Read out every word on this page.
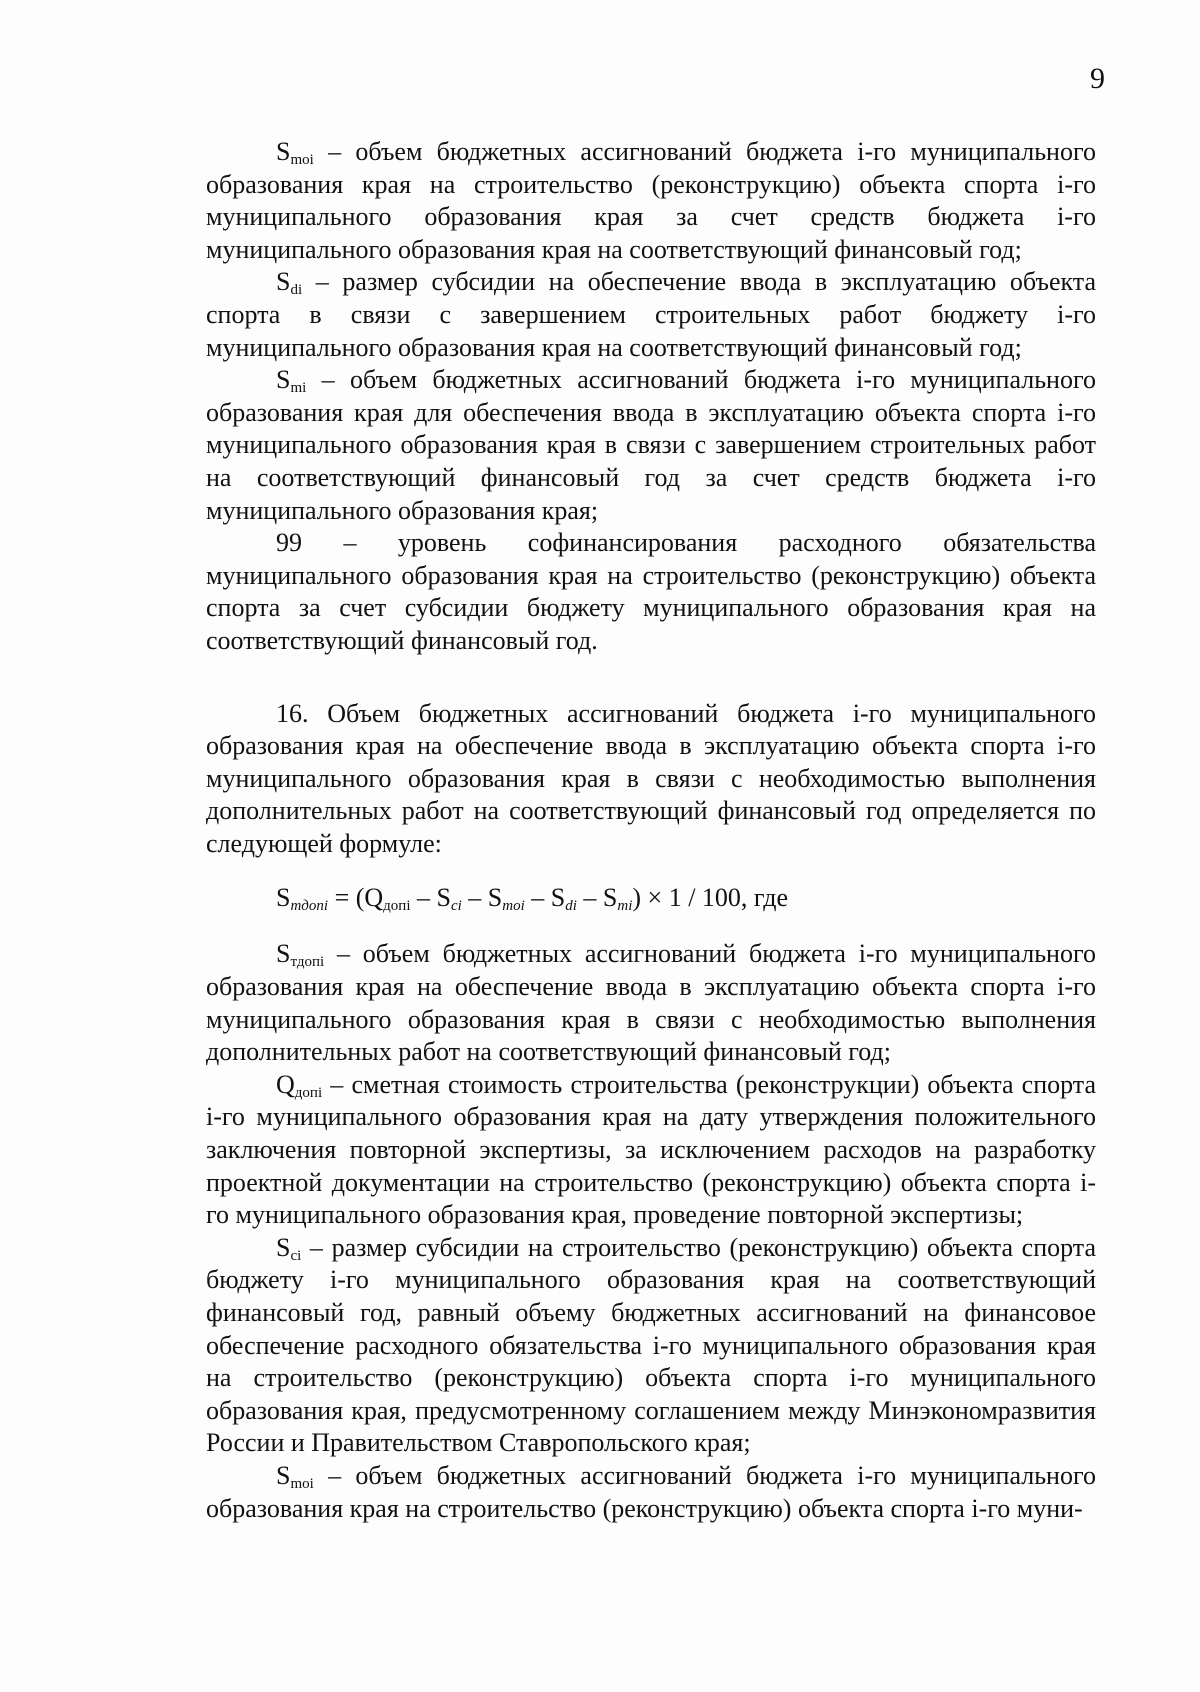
9

$S_{moi}$ – объем бюджетных ассигнований бюджета i-го муниципального образования края на строительство (реконструкцию) объекта спорта i-го муниципального образования края за счет средств бюджета i-го муниципального образования края на соответствующий финансовый год;

$S_{di}$ – размер субсидии на обеспечение ввода в эксплуатацию объекта спорта в связи с завершением строительных работ бюджету i-го муниципального образования края на соответствующий финансовый год;

$S_{mi}$ – объем бюджетных ассигнований бюджета i-го муниципального образования края для обеспечения ввода в эксплуатацию объекта спорта i-го муниципального образования края в связи с завершением строительных работ на соответствующий финансовый год за счет средств бюджета i-го муниципального образования края;

99 – уровень софинансирования расходного обязательства муниципального образования края на строительство (реконструкцию) объекта спорта за счет субсидии бюджету муниципального образования края на соответствующий финансовый год.

16. Объем бюджетных ассигнований бюджета i-го муниципального образования края на обеспечение ввода в эксплуатацию объекта спорта i-го муниципального образования края в связи с необходимостью выполнения дополнительных работ на соответствующий финансовый год определяется по следующей формуле:

$S_{тдопi} = (Q_{допi} - S_{ci} - S_{moi} - S_{di} - S_{mi}) \times 1 / 100$, где

$S_{тдопi}$ – объем бюджетных ассигнований бюджета i-го муниципального образования края на обеспечение ввода в эксплуатацию объекта спорта i-го муниципального образования края в связи с необходимостью выполнения дополнительных работ на соответствующий финансовый год;

$Q_{допi}$ – сметная стоимость строительства (реконструкции) объекта спорта i-го муниципального образования края на дату утверждения положительного заключения повторной экспертизы, за исключением расходов на разработку проектной документации на строительство (реконструкцию) объекта спорта i-го муниципального образования края, проведение повторной экспертизы;

$S_{ci}$ – размер субсидии на строительство (реконструкцию) объекта спорта бюджету i-го муниципального образования края на соответствующий финансовый год, равный объему бюджетных ассигнований на финансовое обеспечение расходного обязательства i-го муниципального образования края на строительство (реконструкцию) объекта спорта i-го муниципального образования края, предусмотренному соглашением между Минэкономразвития России и Правительством Ставропольского края;

$S_{moi}$ – объем бюджетных ассигнований бюджета i-го муниципального образования края на строительство (реконструкцию) объекта спорта i-го муни-
